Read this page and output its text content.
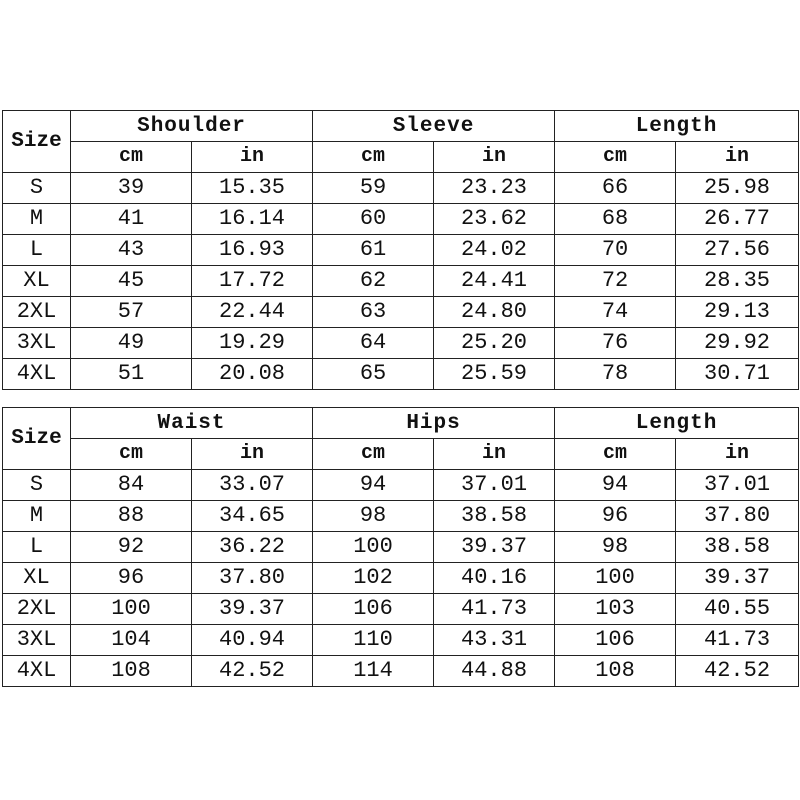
Size	Shoulder		Sleeve		Length	
	cm	in	cm	in	cm	in
S	39	15.35	59	23.23	66	25.98
M	41	16.14	60	23.62	68	26.77
L	43	16.93	61	24.02	70	27.56
XL	45	17.72	62	24.41	72	28.35
2XL	57	22.44	63	24.80	74	29.13
3XL	49	19.29	64	25.20	76	29.92
4XL	51	20.08	65	25.59	78	30.71
Size	Waist		Hips		Length	
	cm	in	cm	in	cm	in
S	84	33.07	94	37.01	94	37.01
M	88	34.65	98	38.58	96	37.80
L	92	36.22	100	39.37	98	38.58
XL	96	37.80	102	40.16	100	39.37
2XL	100	39.37	106	41.73	103	40.55
3XL	104	40.94	110	43.31	106	41.73
4XL	108	42.52	114	44.88	108	42.52
